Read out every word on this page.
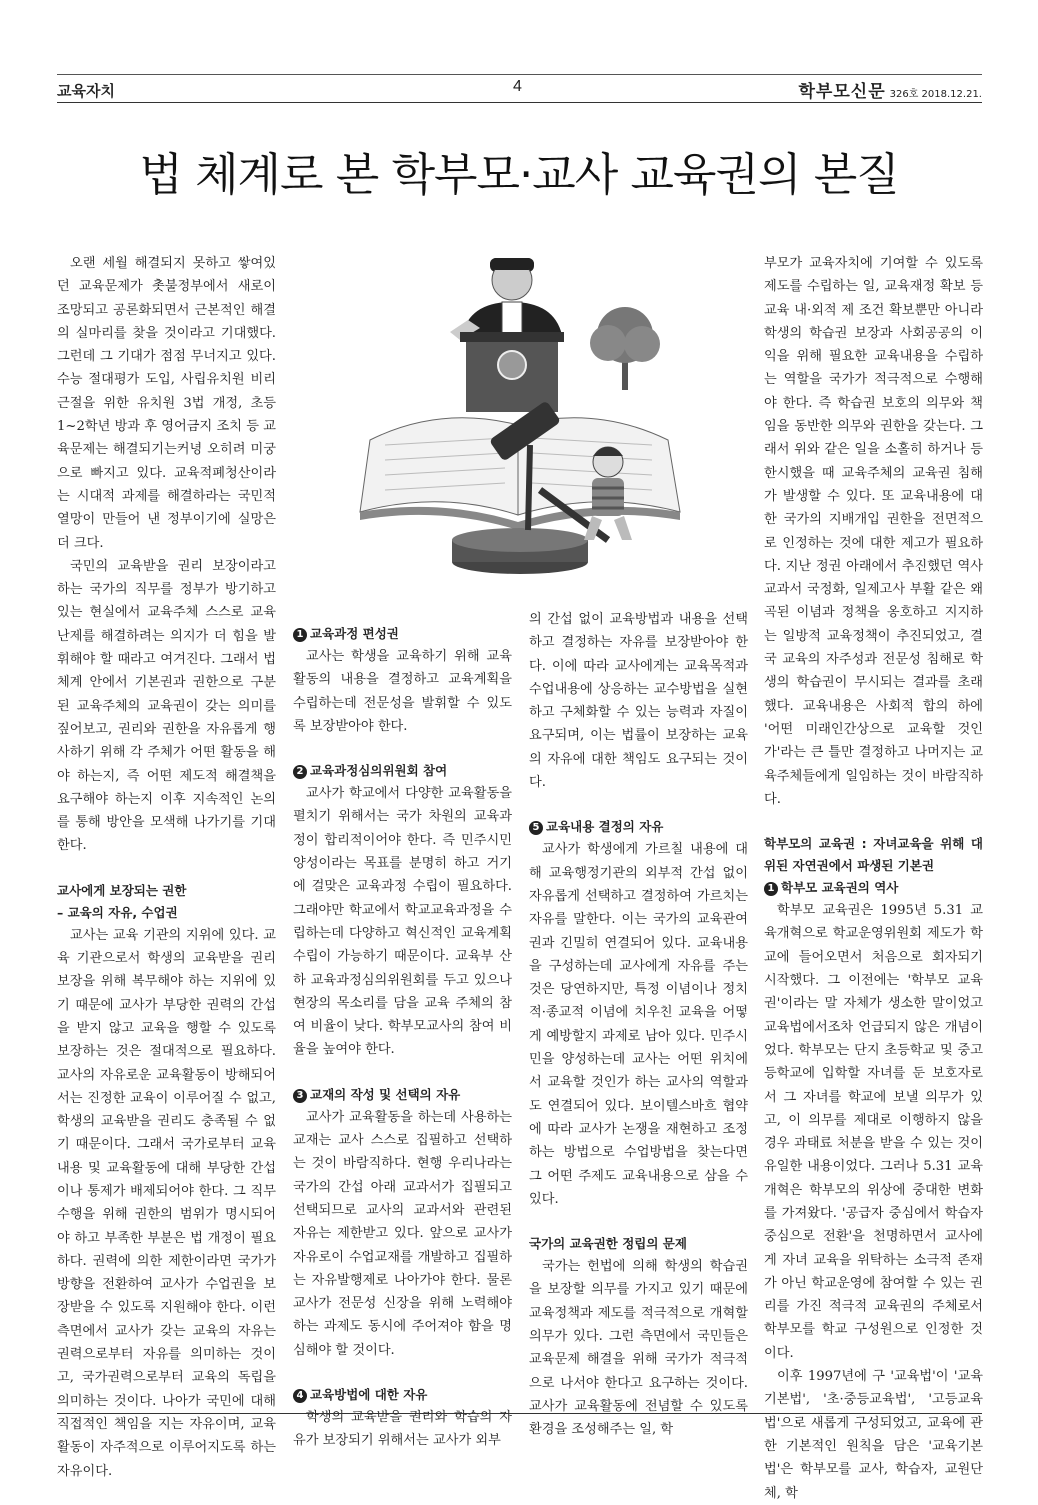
교육자치	4	학부모신문 326호 2018.12.21.
법 체계로 본 학부모·교사 교육권의 본질

오랜 세월 해결되지 못하고 쌓여있던 교육문제가 촛불정부에서 새로이 조망되고 공론화되면서 근본적인 해결의 실마리를 찾을 것이라고 기대했다. 그런데 그 기대가 점점 무너지고 있다. 수능 절대평가 도입, 사립유치원 비리 근절을 위한 유치원 3법 개정, 초등 1~2학년 방과 후 영어금지 조치 등 교육문제는 해결되기는커녕 오히려 미궁으로 빠지고 있다. 교육적폐청산이라는 시대적 과제를 해결하라는 국민적 열망이 만들어 낸 정부이기에 실망은 더 크다.

국민의 교육받을 권리 보장이라고 하는 국가의 직무를 정부가 방기하고 있는 현실에서 교육주체 스스로 교육난제를 해결하려는 의지가 더 힘을 발휘해야 할 때라고 여겨진다. 그래서 법 체계 안에서 기본권과 권한으로 구분된 교육주체의 교육권이 갖는 의미를 짚어보고, 권리와 권한을 자유롭게 행사하기 위해 각 주체가 어떤 활동을 해야 하는지, 즉 어떤 제도적 해결책을 요구해야 하는지 이후 지속적인 논의를 통해 방안을 모색해 나가기를 기대한다.

교사에게 보장되는 권한
– 교육의 자유, 수업권

교사는 교육 기관의 지위에 있다. 교육 기관으로서 학생의 교육받을 권리 보장을 위해 복무해야 하는 지위에 있기 때문에 교사가 부당한 권력의 간섭을 받지 않고 교육을 행할 수 있도록 보장하는 것은 절대적으로 필요하다. 교사의 자유로운 교육활동이 방해되어서는 진정한 교육이 이루어질 수 없고, 학생의 교육받을 권리도 충족될 수 없기 때문이다. 그래서 국가로부터 교육내용 및 교육활동에 대해 부당한 간섭이나 통제가 배제되어야 한다. 그 직무수행을 위해 권한의 범위가 명시되어야 하고 부족한 부분은 법 개정이 필요하다. 권력에 의한 제한이라면 국가가 방향을 전환하여 교사가 수업권을 보장받을 수 있도록 지원해야 한다. 이런 측면에서 교사가 갖는 교육의 자유는 권력으로부터 자유를 의미하는 것이고, 국가권력으로부터 교육의 독립을 의미하는 것이다. 나아가 국민에 대해 직접적인 책임을 지는 자유이며, 교육활동이 자주적으로 이루어지도록 하는 자유이다.

1 교육과정 편성권

교사는 학생을 교육하기 위해 교육활동의 내용을 결정하고 교육계획을 수립하는데 전문성을 발휘할 수 있도록 보장받아야 한다.

2 교육과정심의위원회 참여

교사가 학교에서 다양한 교육활동을 펼치기 위해서는 국가 차원의 교육과정이 합리적이어야 한다. 즉 민주시민 양성이라는 목표를 분명히 하고 거기에 걸맞은 교육과정 수립이 필요하다. 그래야만 학교에서 학교교육과정을 수립하는데 다양하고 혁신적인 교육계획 수립이 가능하기 때문이다. 교육부 산하 교육과정심의위원회를 두고 있으나 현장의 목소리를 담을 교육 주체의 참여 비율이 낮다. 학부모교사의 참여 비율을 높여야 한다.

3 교재의 작성 및 선택의 자유

교사가 교육활동을 하는데 사용하는 교재는 교사 스스로 집필하고 선택하는 것이 바람직하다. 현행 우리나라는 국가의 간섭 아래 교과서가 집필되고 선택되므로 교사의 교과서와 관련된 자유는 제한받고 있다. 앞으로 교사가 자유로이 수업교재를 개발하고 집필하는 자유발행제로 나아가야 한다. 물론 교사가 전문성 신장을 위해 노력해야 하는 과제도 동시에 주어져야 함을 명심해야 할 것이다.

4 교육방법에 대한 자유

학생의 교육받을 권리와 학습의 자유가 보장되기 위해서는 교사가 외부

의 간섭 없이 교육방법과 내용을 선택하고 결정하는 자유를 보장받아야 한다. 이에 따라 교사에게는 교육목적과 수업내용에 상응하는 교수방법을 실현하고 구체화할 수 있는 능력과 자질이 요구되며, 이는 법률이 보장하는 교육의 자유에 대한 책임도 요구되는 것이다.

5 교육내용 결정의 자유

교사가 학생에게 가르칠 내용에 대해 교육행정기관의 외부적 간섭 없이 자유롭게 선택하고 결정하여 가르치는 자유를 말한다. 이는 국가의 교육관여권과 긴밀히 연결되어 있다. 교육내용을 구성하는데 교사에게 자유를 주는 것은 당연하지만, 특정 이념이나 정치적·종교적 이념에 치우친 교육을 어떻게 예방할지 과제로 남아 있다. 민주시민을 양성하는데 교사는 어떤 위치에서 교육할 것인가 하는 교사의 역할과도 연결되어 있다. 보이텔스바흐 협약에 따라 교사가 논쟁을 재현하고 조정하는 방법으로 수업방법을 찾는다면 그 어떤 주제도 교육내용으로 삼을 수 있다.

국가의 교육권한 정립의 문제

국가는 헌법에 의해 학생의 학습권을 보장할 의무를 가지고 있기 때문에 교육정책과 제도를 적극적으로 개혁할 의무가 있다. 그런 측면에서 국민들은 교육문제 해결을 위해 국가가 적극적으로 나서야 한다고 요구하는 것이다. 교사가 교육활동에 전념할 수 있도록 환경을 조성해주는 일, 학

부모가 교육자치에 기여할 수 있도록 제도를 수립하는 일, 교육재정 확보 등 교육 내·외적 제 조건 확보뿐만 아니라 학생의 학습권 보장과 사회공공의 이익을 위해 필요한 교육내용을 수립하는 역할을 국가가 적극적으로 수행해야 한다. 즉 학습권 보호의 의무와 책임을 동반한 의무와 권한을 갖는다. 그래서 위와 같은 일을 소홀히 하거나 등한시했을 때 교육주체의 교육권 침해가 발생할 수 있다. 또 교육내용에 대한 국가의 지배개입 권한을 전면적으로 인정하는 것에 대한 제고가 필요하다. 지난 정권 아래에서 추진했던 역사교과서 국정화, 일제고사 부활 같은 왜곡된 이념과 정책을 옹호하고 지지하는 일방적 교육정책이 추진되었고, 결국 교육의 자주성과 전문성 침해로 학생의 학습권이 무시되는 결과를 초래했다. 교육내용은 사회적 합의 하에 '어떤 미래인간상으로 교육할 것인가'라는 큰 틀만 결정하고 나머지는 교육주체들에게 일임하는 것이 바람직하다.

학부모의 교육권 : 자녀교육을 위해 대위된 자연권에서 파생된 기본권
1 학부모 교육권의 역사

학부모 교육권은 1995년 5.31 교육개혁으로 학교운영위원회 제도가 학교에 들어오면서 처음으로 회자되기 시작했다. 그 이전에는 '학부모 교육권'이라는 말 자체가 생소한 말이었고 교육법에서조차 언급되지 않은 개념이었다. 학부모는 단지 초등학교 및 중고등학교에 입학할 자녀를 둔 보호자로서 그 자녀를 학교에 보낼 의무가 있고, 이 의무를 제대로 이행하지 않을 경우 과태료 처분을 받을 수 있는 것이 유일한 내용이었다. 그러나 5.31 교육개혁은 학부모의 위상에 중대한 변화를 가져왔다. '공급자 중심에서 학습자 중심으로 전환'을 천명하면서 교사에게 자녀 교육을 위탁하는 소극적 존재가 아닌 학교운영에 참여할 수 있는 권리를 가진 적극적 교육권의 주체로서 학부모를 학교 구성원으로 인정한 것이다.

이후 1997년에 구 '교육법'이 '교육기본법', '초·중등교육법', '고등교육법'으로 새롭게 구성되었고, 교육에 관한 기본적인 원칙을 담은 '교육기본법'은 학부모를 교사, 학습자, 교원단체, 학
